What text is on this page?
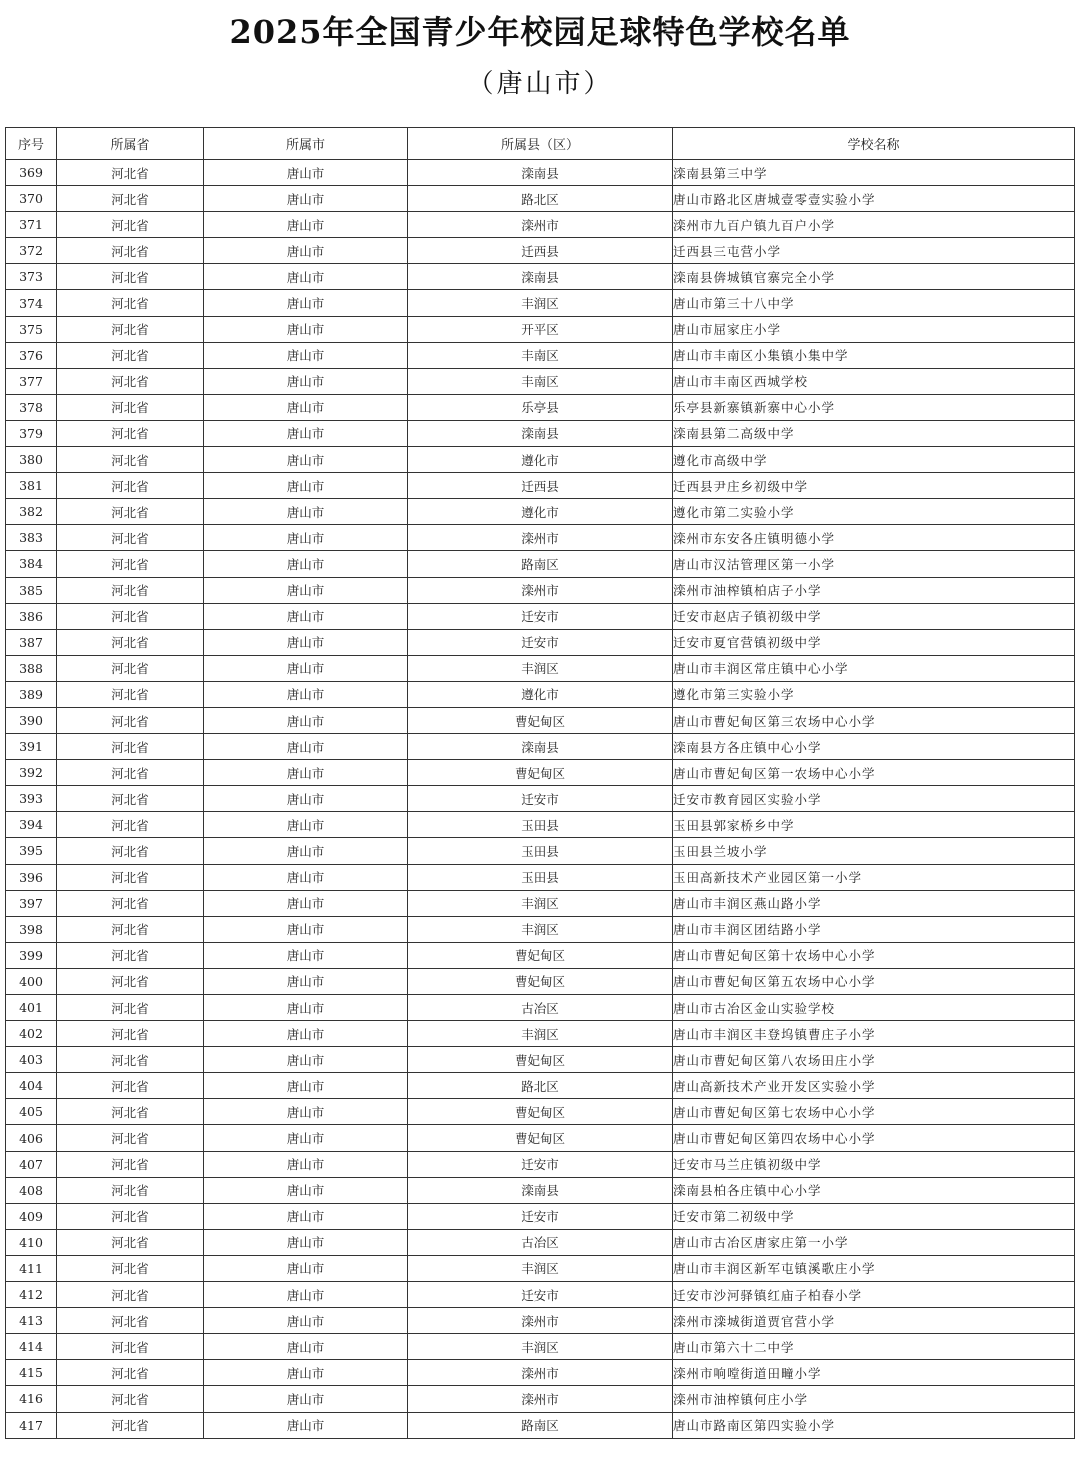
2025年全国青少年校园足球特色学校名单
（唐山市）
序号	所属省	所属市	所属县（区）	学校名称
369	河北省	唐山市	滦南县	滦南县第三中学
370	河北省	唐山市	路北区	唐山市路北区唐城壹零壹实验小学
371	河北省	唐山市	滦州市	滦州市九百户镇九百户小学
372	河北省	唐山市	迁西县	迁西县三屯营小学
373	河北省	唐山市	滦南县	滦南县倴城镇官寨完全小学
374	河北省	唐山市	丰润区	唐山市第三十八中学
375	河北省	唐山市	开平区	唐山市屈家庄小学
376	河北省	唐山市	丰南区	唐山市丰南区小集镇小集中学
377	河北省	唐山市	丰南区	唐山市丰南区西城学校
378	河北省	唐山市	乐亭县	乐亭县新寨镇新寨中心小学
379	河北省	唐山市	滦南县	滦南县第二高级中学
380	河北省	唐山市	遵化市	遵化市高级中学
381	河北省	唐山市	迁西县	迁西县尹庄乡初级中学
382	河北省	唐山市	遵化市	遵化市第二实验小学
383	河北省	唐山市	滦州市	滦州市东安各庄镇明德小学
384	河北省	唐山市	路南区	唐山市汉沽管理区第一小学
385	河北省	唐山市	滦州市	滦州市油榨镇柏店子小学
386	河北省	唐山市	迁安市	迁安市赵店子镇初级中学
387	河北省	唐山市	迁安市	迁安市夏官营镇初级中学
388	河北省	唐山市	丰润区	唐山市丰润区常庄镇中心小学
389	河北省	唐山市	遵化市	遵化市第三实验小学
390	河北省	唐山市	曹妃甸区	唐山市曹妃甸区第三农场中心小学
391	河北省	唐山市	滦南县	滦南县方各庄镇中心小学
392	河北省	唐山市	曹妃甸区	唐山市曹妃甸区第一农场中心小学
393	河北省	唐山市	迁安市	迁安市教育园区实验小学
394	河北省	唐山市	玉田县	玉田县郭家桥乡中学
395	河北省	唐山市	玉田县	玉田县兰坡小学
396	河北省	唐山市	玉田县	玉田高新技术产业园区第一小学
397	河北省	唐山市	丰润区	唐山市丰润区燕山路小学
398	河北省	唐山市	丰润区	唐山市丰润区团结路小学
399	河北省	唐山市	曹妃甸区	唐山市曹妃甸区第十农场中心小学
400	河北省	唐山市	曹妃甸区	唐山市曹妃甸区第五农场中心小学
401	河北省	唐山市	古冶区	唐山市古冶区金山实验学校
402	河北省	唐山市	丰润区	唐山市丰润区丰登坞镇曹庄子小学
403	河北省	唐山市	曹妃甸区	唐山市曹妃甸区第八农场田庄小学
404	河北省	唐山市	路北区	唐山高新技术产业开发区实验小学
405	河北省	唐山市	曹妃甸区	唐山市曹妃甸区第七农场中心小学
406	河北省	唐山市	曹妃甸区	唐山市曹妃甸区第四农场中心小学
407	河北省	唐山市	迁安市	迁安市马兰庄镇初级中学
408	河北省	唐山市	滦南县	滦南县柏各庄镇中心小学
409	河北省	唐山市	迁安市	迁安市第二初级中学
410	河北省	唐山市	古冶区	唐山市古冶区唐家庄第一小学
411	河北省	唐山市	丰润区	唐山市丰润区新军屯镇溪歌庄小学
412	河北省	唐山市	迁安市	迁安市沙河驿镇红庙子柏春小学
413	河北省	唐山市	滦州市	滦州市滦城街道贾官营小学
414	河北省	唐山市	丰润区	唐山市第六十二中学
415	河北省	唐山市	滦州市	滦州市响嘡街道田疃小学
416	河北省	唐山市	滦州市	滦州市油榨镇何庄小学
417	河北省	唐山市	路南区	唐山市路南区第四实验小学
